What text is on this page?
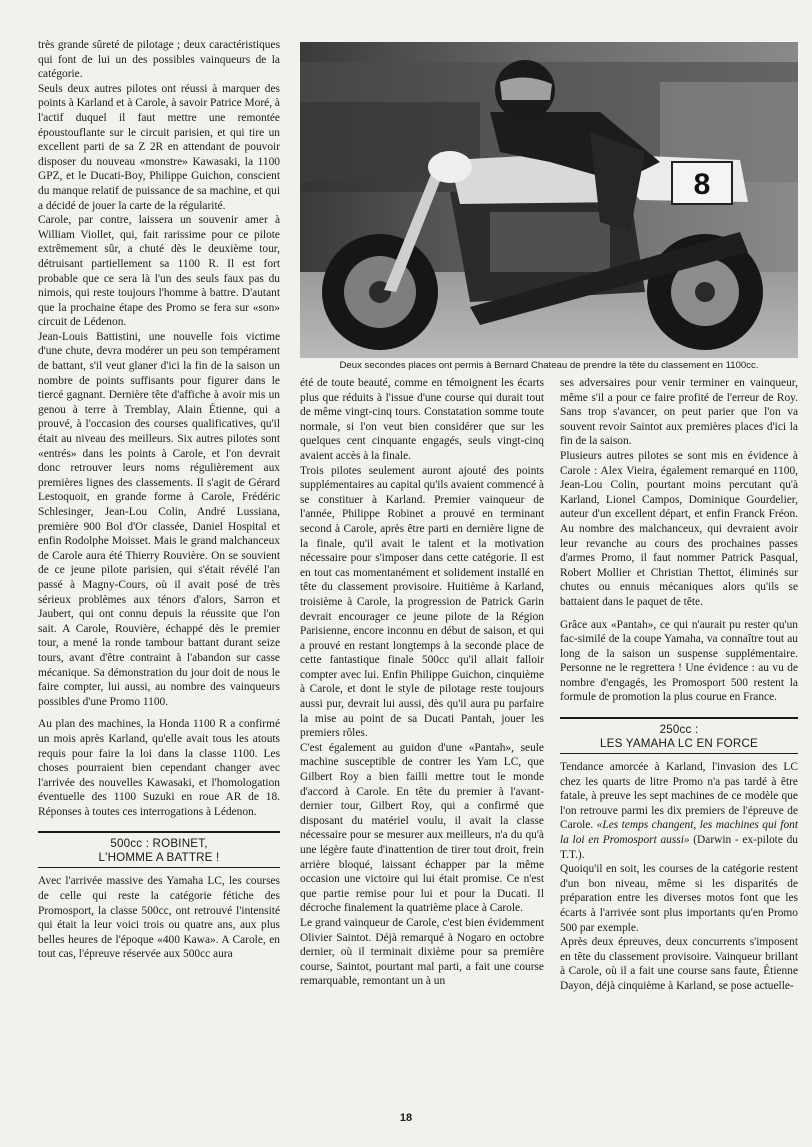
très grande sûreté de pilotage ; deux caractéristiques qui font de lui un des possibles vainqueurs de la catégorie.

Seuls deux autres pilotes ont réussi à marquer des points à Karland et à Carole, à savoir Patrice Moré, à l'actif duquel il faut mettre une remontée époustouflante sur le circuit parisien, et qui tire un excellent parti de sa Z 2R en attendant de pouvoir disposer du nouveau «monstre» Kawasaki, la 1100 GPZ, et le Ducati-Boy, Philippe Guichon, conscient du manque relatif de puissance de sa machine, et qui a décidé de jouer la carte de la régularité.

Carole, par contre, laissera un souvenir amer à William Viollet, qui, fait rarissime pour ce pilote extrêmement sûr, a chuté dès le deuxième tour, détruisant partiellement sa 1100 R. Il est fort probable que ce sera là l'un des seuls faux pas du nimois, qui reste toujours l'homme à battre. D'autant que la prochaine étape des Promo se fera sur «son» circuit de Lédenon.

Jean-Louis Battistini, une nouvelle fois victime d'une chute, devra modérer un peu son tempérament de battant, s'il veut glaner d'ici la fin de la saison un nombre de points suffisants pour figurer dans le tiercé gagnant. Dernière tête d'affiche à avoir mis un genou à terre à Tremblay, Alain Étienne, qui a prouvé, à l'occasion des courses qualificatives, qu'il était au niveau des meilleurs. Six autres pilotes sont «entrés» dans les points à Carole, et l'on devrait donc retrouver leurs noms régulièrement aux premières lignes des classements. Il s'agit de Gérard Lestoquoit, en grande forme à Carole, Frédéric Schlesinger, Jean-Lou Colin, André Lussiana, première 900 Bol d'Or classée, Daniel Hospital et enfin Rodolphe Moisset. Mais le grand malchanceux de Carole aura été Thierry Rouvière. On se souvient de ce jeune pilote parisien, qui s'était révélé l'an passé à Magny-Cours, où il avait posé de très sérieux problèmes aux ténors d'alors, Sarron et Jaubert, qui ont connu depuis la réussite que l'on sait. A Carole, Rouvière, échappé dès le premier tour, a mené la ronde tambour battant durant seize tours, avant d'être contraint à l'abandon sur casse mécanique. Sa démonstration du jour doit de nous le faire compter, lui aussi, au nombre des vainqueurs possibles d'une Promo 1100.

Au plan des machines, la Honda 1100 R a confirmé un mois après Karland, qu'elle avait tous les atouts requis pour faire la loi dans la classe 1100. Les choses pourraient bien cependant changer avec l'arrivée des nouvelles Kawasaki, et l'homologation éventuelle des 1100 Suzuki en roue AR de 18. Réponses à toutes ces interrogations à Lédenon.

500cc : ROBINET,
L'HOMME A BATTRE !

Avec l'arrivée massive des Yamaha LC, les courses de celle qui reste la catégorie fétiche des Promosport, la classe 500cc, ont retrouvé l'intensité qui était la leur voici trois ou quatre ans, aux plus belles heures de l'époque «400 Kawa». A Carole, en tout cas, l'épreuve réservée aux 500cc aura

8
Deux secondes places ont permis à Bernard Chateau de prendre la tête du classement en 1100cc.

été de toute beauté, comme en témoignent les écarts plus que réduits à l'issue d'une course qui durait tout de même vingt-cinq tours. Constatation somme toute normale, si l'on veut bien considérer que sur les quelques cent cinquante engagés, seuls vingt-cinq avaient accès à la finale.

Trois pilotes seulement auront ajouté des points supplémentaires au capital qu'ils avaient commencé à se constituer à Karland. Premier vainqueur de l'année, Philippe Robinet a prouvé en terminant second à Carole, après être parti en dernière ligne de la finale, qu'il avait le talent et la motivation nécessaire pour s'imposer dans cette catégorie. Il est en tout cas momentanément et solidement installé en tête du classement provisoire. Huitième à Karland, troisième à Carole, la progression de Patrick Garin devrait encourager ce jeune pilote de la Région Parisienne, encore inconnu en début de saison, et qui a prouvé en restant longtemps à la seconde place de cette fantastique finale 500cc qu'il allait falloir compter avec lui. Enfin Philippe Guichon, cinquième à Carole, et dont le style de pilotage reste toujours aussi pur, devrait lui aussi, dès qu'il aura pu parfaire la mise au point de sa Ducati Pantah, jouer les premiers rôles.

C'est également au guidon d'une «Pantah», seule machine susceptible de contrer les Yam LC, que Gilbert Roy a bien failli mettre tout le monde d'accord à Carole. En tête du premier à l'avant-dernier tour, Gilbert Roy, qui a confirmé que disposant du matériel voulu, il avait la classe nécessaire pour se mesurer aux meilleurs, n'a du qu'à une légère faute d'inattention de tirer tout droit, frein arrière bloqué, laissant échapper par la même occasion une victoire qui lui était promise. Ce n'est que partie remise pour lui et pour la Ducati. Il décroche finalement la quatrième place à Carole.

Le grand vainqueur de Carole, c'est bien évidemment Olivier Saintot. Déjà remarqué à Nogaro en octobre dernier, où il terminait dixième pour sa première course, Saintot, pourtant mal parti, a fait une course remarquable, remontant un à un

ses adversaires pour venir terminer en vainqueur, même s'il a pour ce faire profité de l'erreur de Roy. Sans trop s'avancer, on peut parier que l'on va souvent revoir Saintot aux premières places d'ici la fin de la saison.

Plusieurs autres pilotes se sont mis en évidence à Carole : Alex Vieira, également remarqué en 1100, Jean-Lou Colin, pourtant moins percutant qu'à Karland, Lionel Campos, Dominique Gourdelier, auteur d'un excellent départ, et enfin Franck Fréon. Au nombre des malchanceux, qui devraient avoir leur revanche au cours des prochaines passes d'armes Promo, il faut nommer Patrick Pasqual, Robert Mollier et Christian Thettot, éliminés sur chutes ou ennuis mécaniques alors qu'ils se battaient dans le paquet de tête.

Grâce aux «Pantah», ce qui n'aurait pu rester qu'un fac-similé de la coupe Yamaha, va connaître tout au long de la saison un suspense supplémentaire. Personne ne le regrettera ! Une évidence : au vu de nombre d'engagés, les Promosport 500 restent la formule de promotion la plus courue en France.

250cc :
LES YAMAHA LC EN FORCE

Tendance amorcée à Karland, l'invasion des LC chez les quarts de litre Promo n'a pas tardé à être fatale, à preuve les sept machines de ce modèle que l'on retrouve parmi les dix premiers de l'épreuve de Carole. «Les temps changent, les machines qui font la loi en Promosport aussi» (Darwin - ex-pilote du T.T.).

Quoiqu'il en soit, les courses de la catégorie restent d'un bon niveau, même si les disparités de préparation entre les diverses motos font que les écarts à l'arrivée sont plus importants qu'en Promo 500 par exemple.

Après deux épreuves, deux concurrents s'imposent en tête du classement provisoire. Vainqueur brillant à Carole, où il a fait une course sans faute, Étienne Dayon, déjà cinquième à Karland, se pose actuelle-

18
